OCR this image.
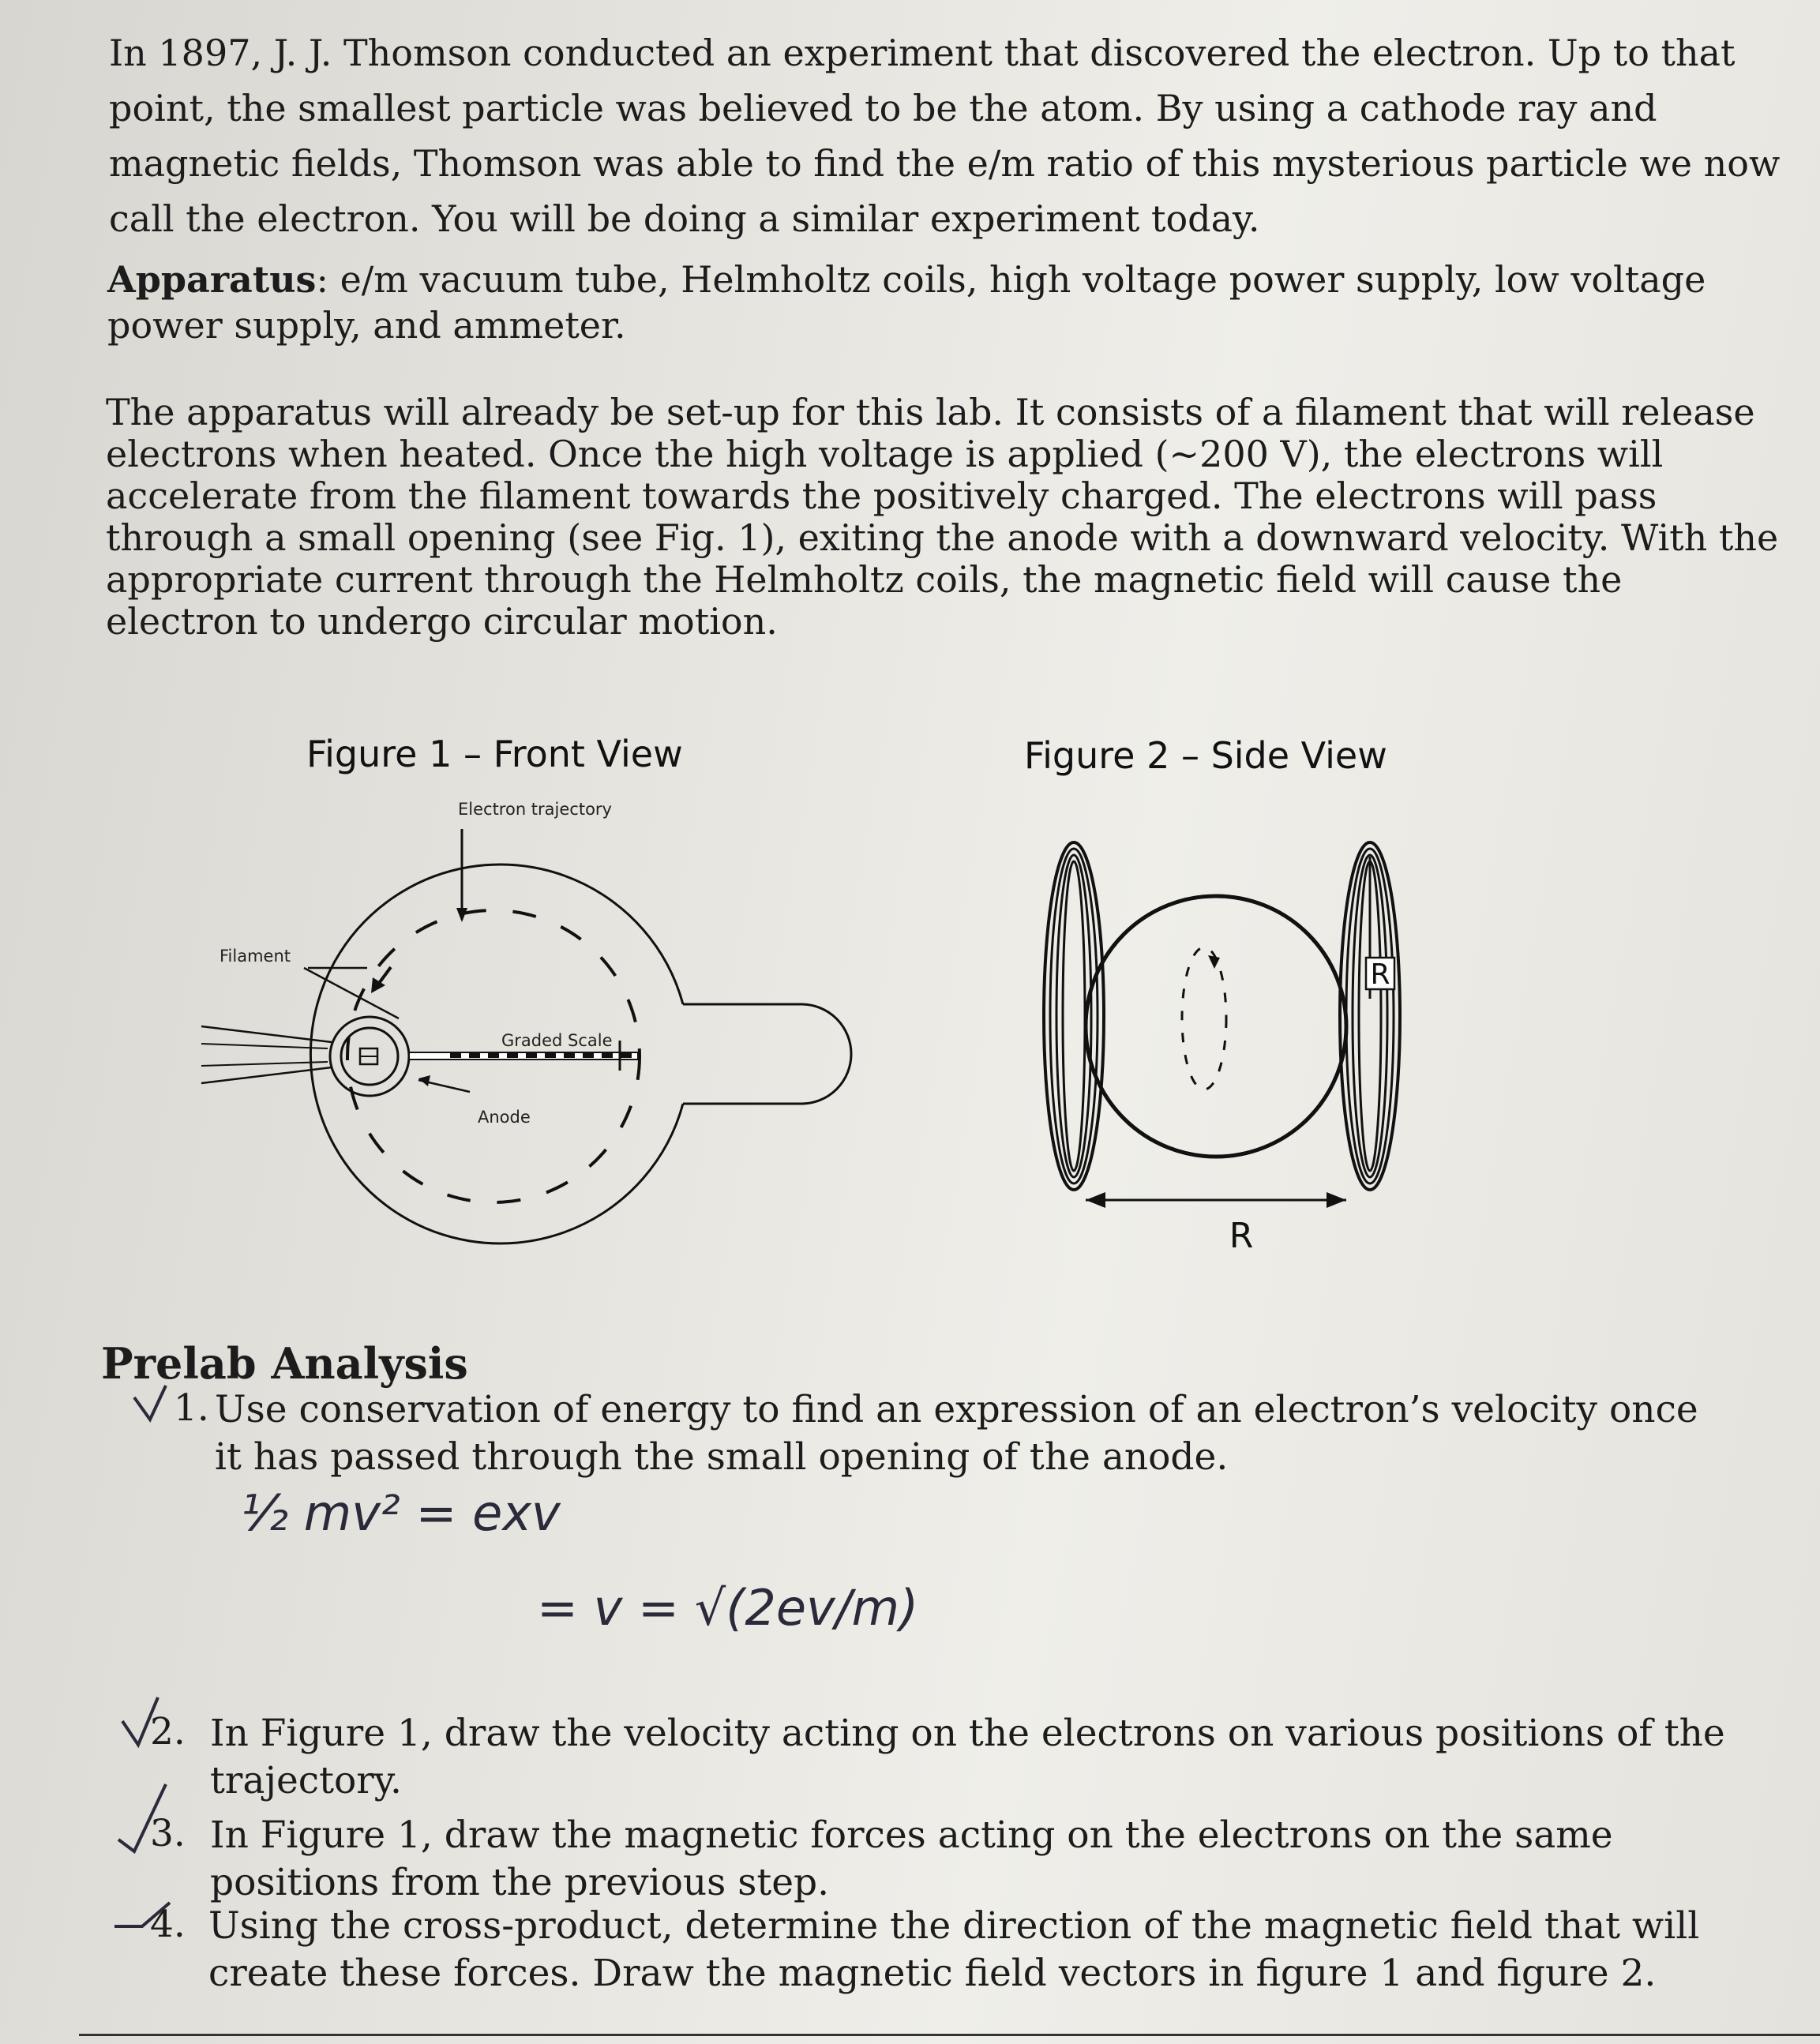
In 1897, J. J. Thomson conducted an experiment that discovered the electron. Up to that point, the smallest particle was believed to be the atom. By using a cathode ray and magnetic fields, Thomson was able to find the e/m ratio of this mysterious particle we now call the electron. You will be doing a similar experiment today.

Apparatus: e/m vacuum tube, Helmholtz coils, high voltage power supply, low voltage power supply, and ammeter.

The apparatus will already be set-up for this lab. It consists of a filament that will release electrons when heated. Once the high voltage is applied (~200 V), the electrons will accelerate from the filament towards the positively charged. The electrons will pass through a small opening (see Fig. 1), exiting the anode with a downward velocity. With the appropriate current through the Helmholtz coils, the magnetic field will cause the electron to undergo circular motion.

Figure 1 – Front View	Figure 2 – Side View
Electron trajectory
Filament
Graded Scale
Anode
R
R
Prelab Analysis
1. Use conservation of energy to find an expression of an electron’s velocity once it has passed through the small opening of the anode.

½ mv² = exv
= v = √(2ev/m)
2. In Figure 1, draw the velocity acting on the electrons on various positions of the trajectory.

3. In Figure 1, draw the magnetic forces acting on the electrons on the same positions from the previous step.

4. Using the cross-product, determine the direction of the magnetic field that will create these forces. Draw the magnetic field vectors in figure 1 and figure 2.
